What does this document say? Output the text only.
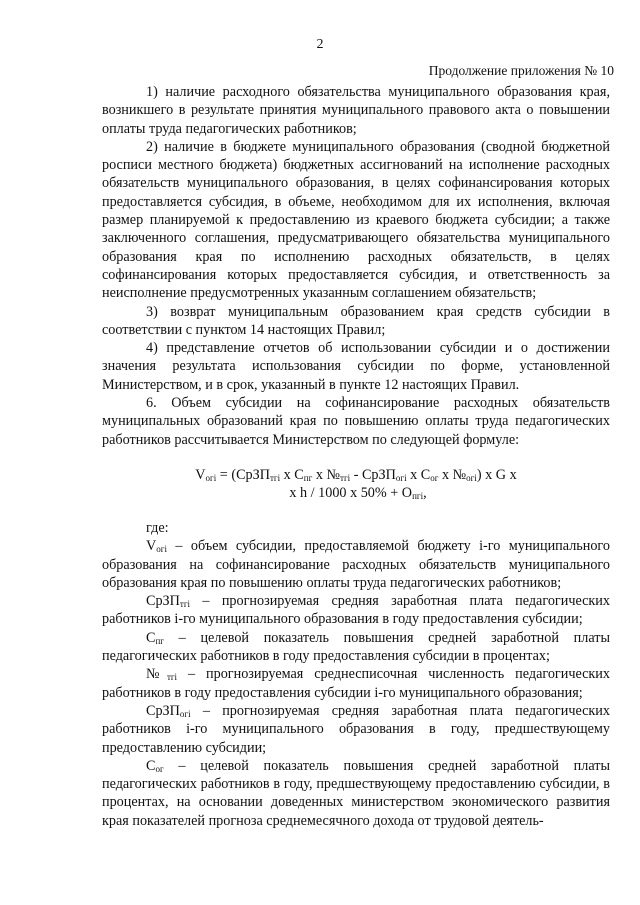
2
Продолжение приложения № 10

1) наличие расходного обязательства муниципального образования края, возникшего в результате принятия муниципального правового акта о повышении оплаты труда педагогических работников;

2) наличие в бюджете муниципального образования (сводной бюджетной росписи местного бюджета) бюджетных ассигнований на исполнение расходных обязательств муниципального образования, в целях софинансирования которых предоставляется субсидия, в объеме, необходимом для их исполнения, включая размер планируемой к предоставлению из краевого бюджета субсидии; а также заключенного соглашения, предусматривающего обязательства муниципального образования края по исполнению расходных обязательств, в целях софинансирования которых предоставляется субсидия, и ответственность за неисполнение предусмотренных указанным соглашением обязательств;

3) возврат муниципальным образованием края средств субсидии в соответствии с пунктом 14 настоящих Правил;

4) представление отчетов об использовании субсидии и о достижении значения результата использования субсидии по форме, установленной Министерством, и в срок, указанный в пункте 12 настоящих Правил.

6. Объем субсидии на софинансирование расходных обязательств муниципальных образований края по повышению оплаты труда педагогических работников рассчитывается Министерством по следующей формуле:

$V_{огi}$ = (СрЗП$_{тгi}$ х $С_{пг}$ х $№_{тгi}$ - СрЗП$_{огi}$ х $С_{ог}$ х $№_{огi}$) х G х
х h / 1000 х $50\% + О_{пгi}$,

где:

$V_{огi}$ – объем субсидии, предоставляемой бюджету i-го муниципального образования на софинансирование расходных обязательств муниципального образования края по повышению оплаты труда педагогических работников;

СрЗП$_{тгi}$ – прогнозируемая средняя заработная плата педагогических работников i-го муниципального образования в году предоставления субсидии;

$С_{пг}$ – целевой показатель повышения средней заработной платы педагогических работников в году предоставления субсидии в процентах;

$№_{тгi}$ – прогнозируемая среднесписочная численность педагогических работников в году предоставления субсидии i-го муниципального образования;

СрЗП$_{огi}$ – прогнозируемая средняя заработная плата педагогических работников i-го муниципального образования в году, предшествующему предоставлению субсидии;

$С_{ог}$ – целевой показатель повышения средней заработной платы педагогических работников в году, предшествующему предоставлению субсидии, в процентах, на основании доведенных министерством экономического развития края показателей прогноза среднемесячного дохода от трудовой деятель-
